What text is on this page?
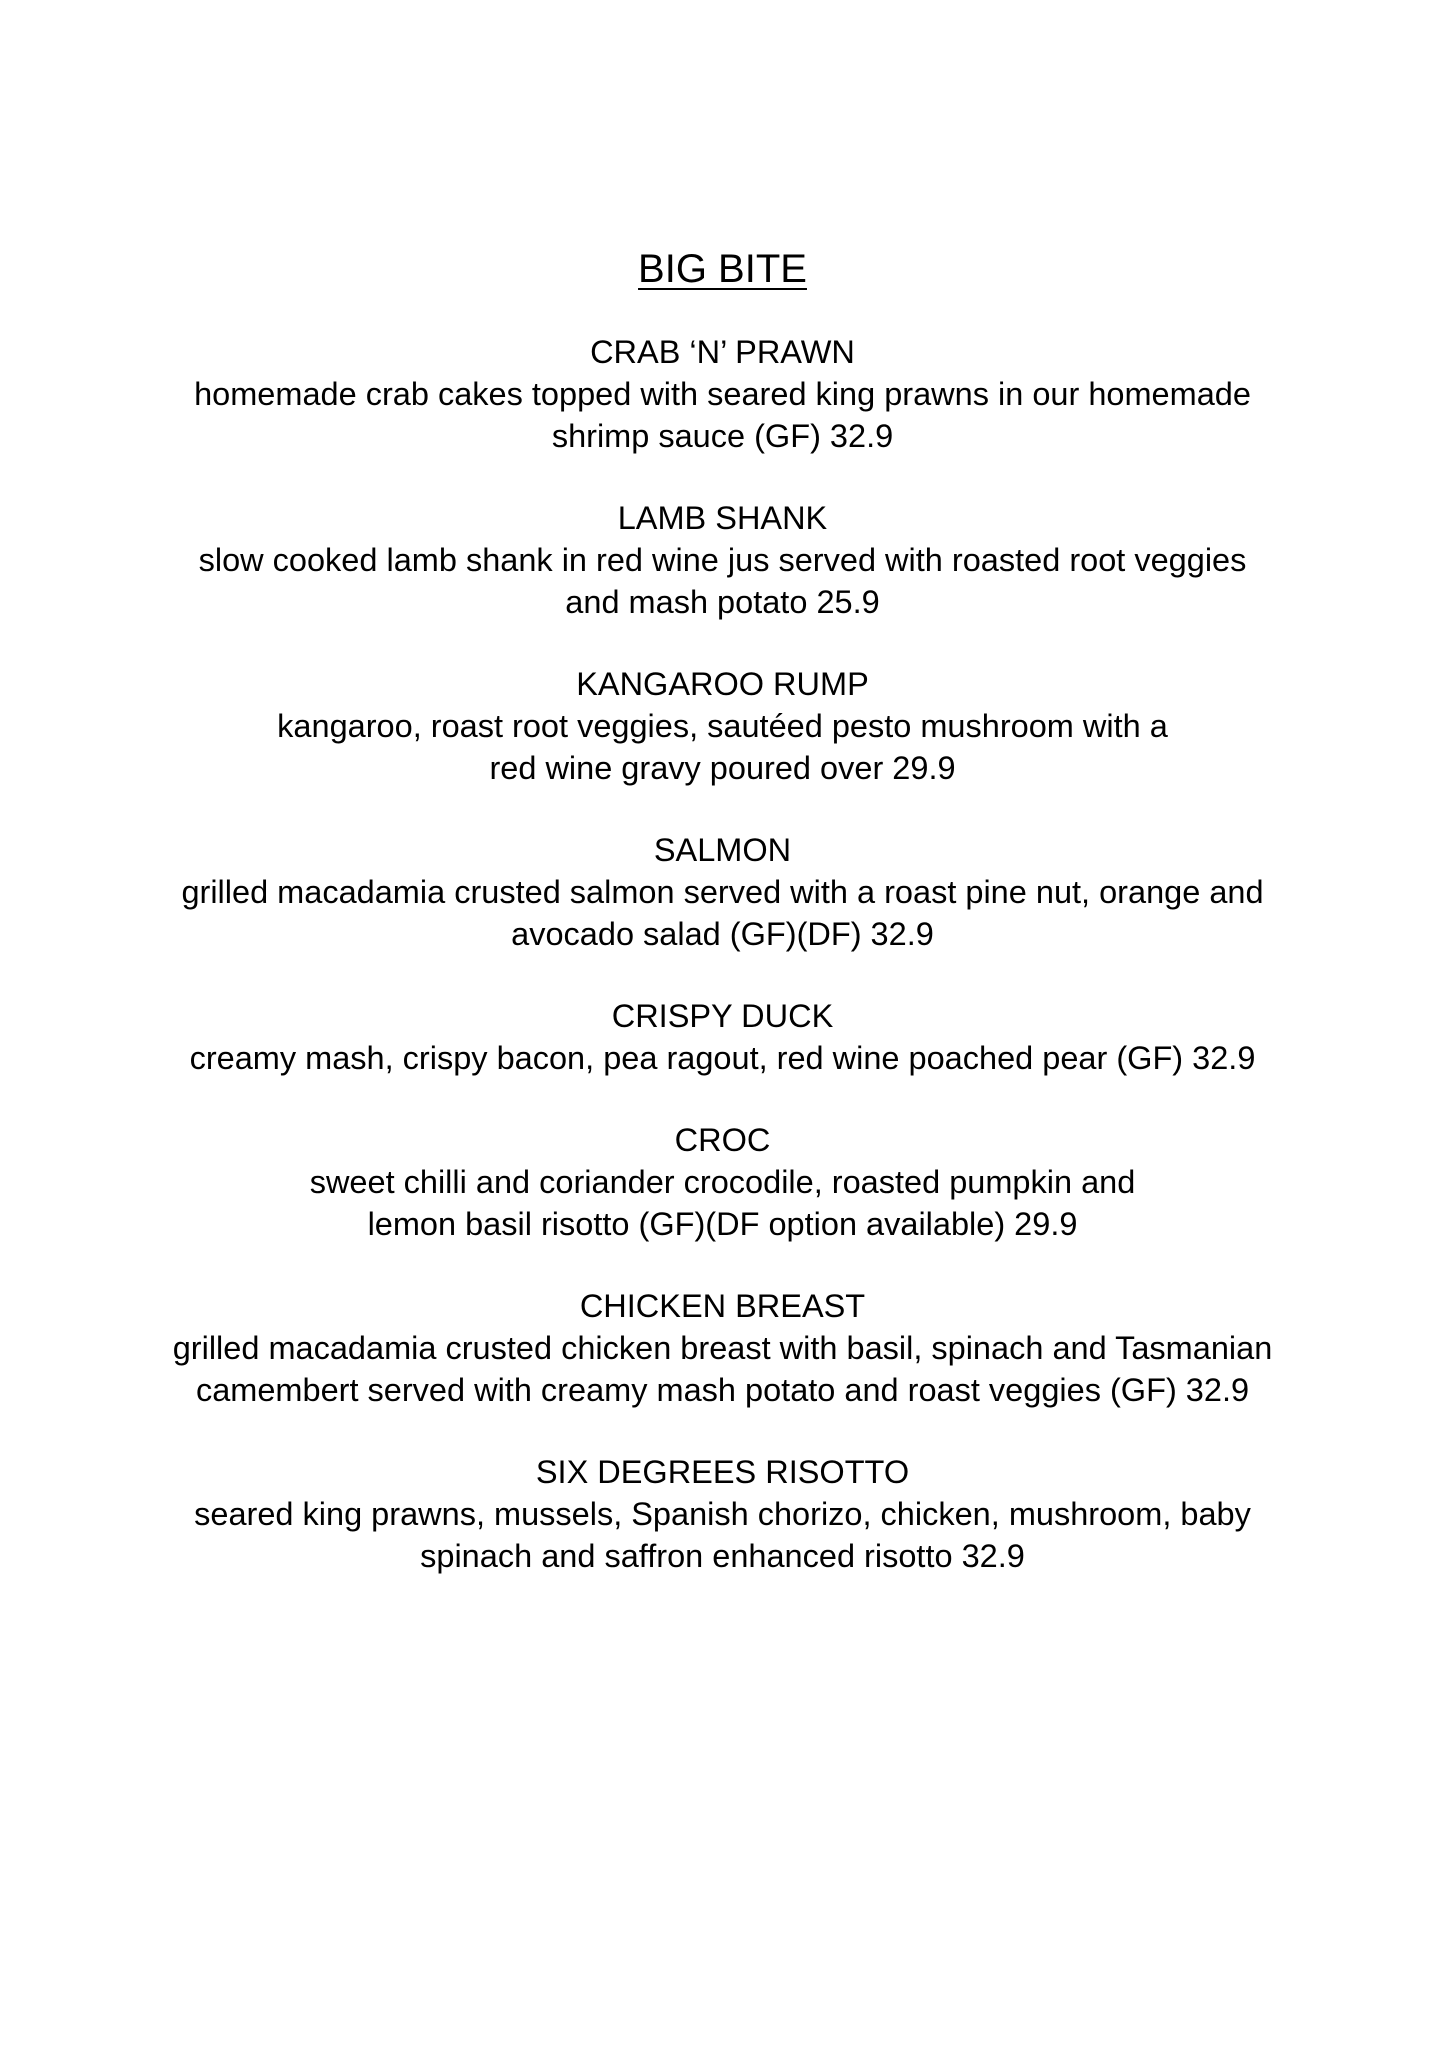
BIG BITE
CRAB ‘N’ PRAWN
homemade crab cakes topped with seared king prawns in our homemade
shrimp sauce (GF) 32.9
LAMB SHANK
slow cooked lamb shank in red wine jus served with roasted root veggies
and mash potato 25.9
KANGAROO RUMP
kangaroo, roast root veggies, sautéed pesto mushroom with a
red wine gravy poured over 29.9
SALMON
grilled macadamia crusted salmon served with a roast pine nut, orange and
avocado salad (GF)(DF) 32.9
CRISPY DUCK
creamy mash, crispy bacon, pea ragout, red wine poached pear (GF) 32.9
CROC
sweet chilli and coriander crocodile, roasted pumpkin and
lemon basil risotto (GF)(DF option available) 29.9
CHICKEN BREAST
grilled macadamia crusted chicken breast with basil, spinach and Tasmanian
camembert served with creamy mash potato and roast veggies (GF) 32.9
SIX DEGREES RISOTTO
seared king prawns, mussels, Spanish chorizo, chicken, mushroom, baby
spinach and saffron enhanced risotto 32.9
